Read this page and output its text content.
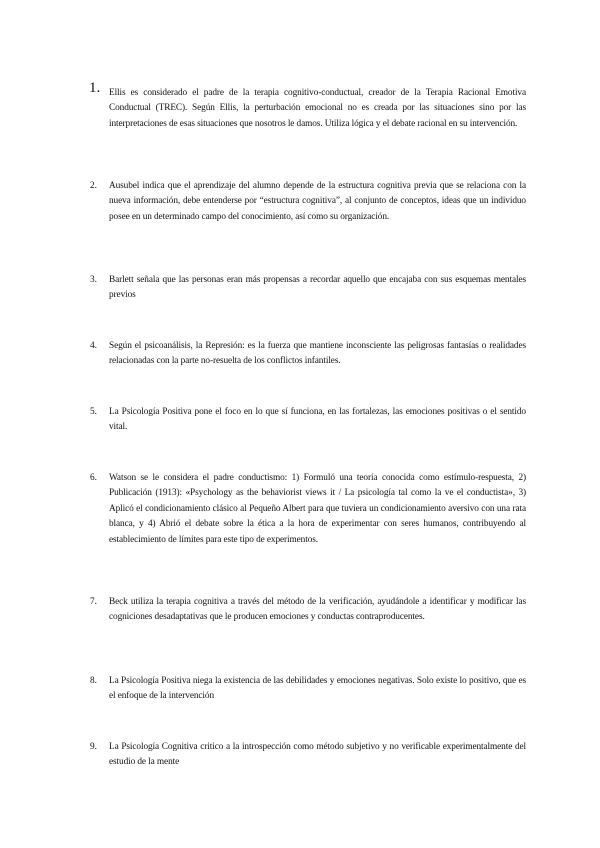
1. Ellis es considerado el padre de la terapia cognitivo-conductual, creador de la Terapia Racional Emotiva Conductual (TREC). Según Ellis, la perturbación emocional no es creada por las situaciones sino por las interpretaciones de esas situaciones que nosotros le damos. Utiliza lógica y el debate racional en su intervención.

2. Ausubel indica que el aprendizaje del alumno depende de la estructura cognitiva previa que se relaciona con la nueva información, debe entenderse por “estructura cognitiva”, al conjunto de conceptos, ideas que un individuo posee en un determinado campo del conocimiento, así como su organización.

3. Barlett señala que las personas eran más propensas a recordar aquello que encajaba con sus esquemas mentales previos

4. Según el psicoanálisis, la Represión: es la fuerza que mantiene inconsciente las peligrosas fantasías o realidades relacionadas con la parte no-resuelta de los conflictos infantiles.

5. La Psicología Positiva pone el foco en lo que sí funciona, en las fortalezas, las emociones positivas o el sentido vital.

6. Watson se le considera el padre conductismo: 1) Formuló una teoría conocida como estímulo-respuesta, 2) Publicación (1913): «Psychology as the behaviorist views it / La psicología tal como la ve el conductista», 3) Aplicó el condicionamiento clásico al Pequeño Albert para que tuviera un condicionamiento aversivo con una rata blanca, y 4) Abrió el debate sobre la ética a la hora de experimentar con seres humanos, contribuyendo al establecimiento de límites para este tipo de experimentos.

7. Beck utiliza la terapia cognitiva a través del método de la verificación, ayudándole a identificar y modificar las cogniciones desadaptativas que le producen emociones y conductas contraproducentes.

8. La Psicología Positiva niega la existencia de las debilidades y emociones negativas. Solo existe lo positivo, que es el enfoque de la intervención

9. La Psicología Cognitiva critico a la introspección como método subjetivo y no verificable experimentalmente del estudio de la mente
